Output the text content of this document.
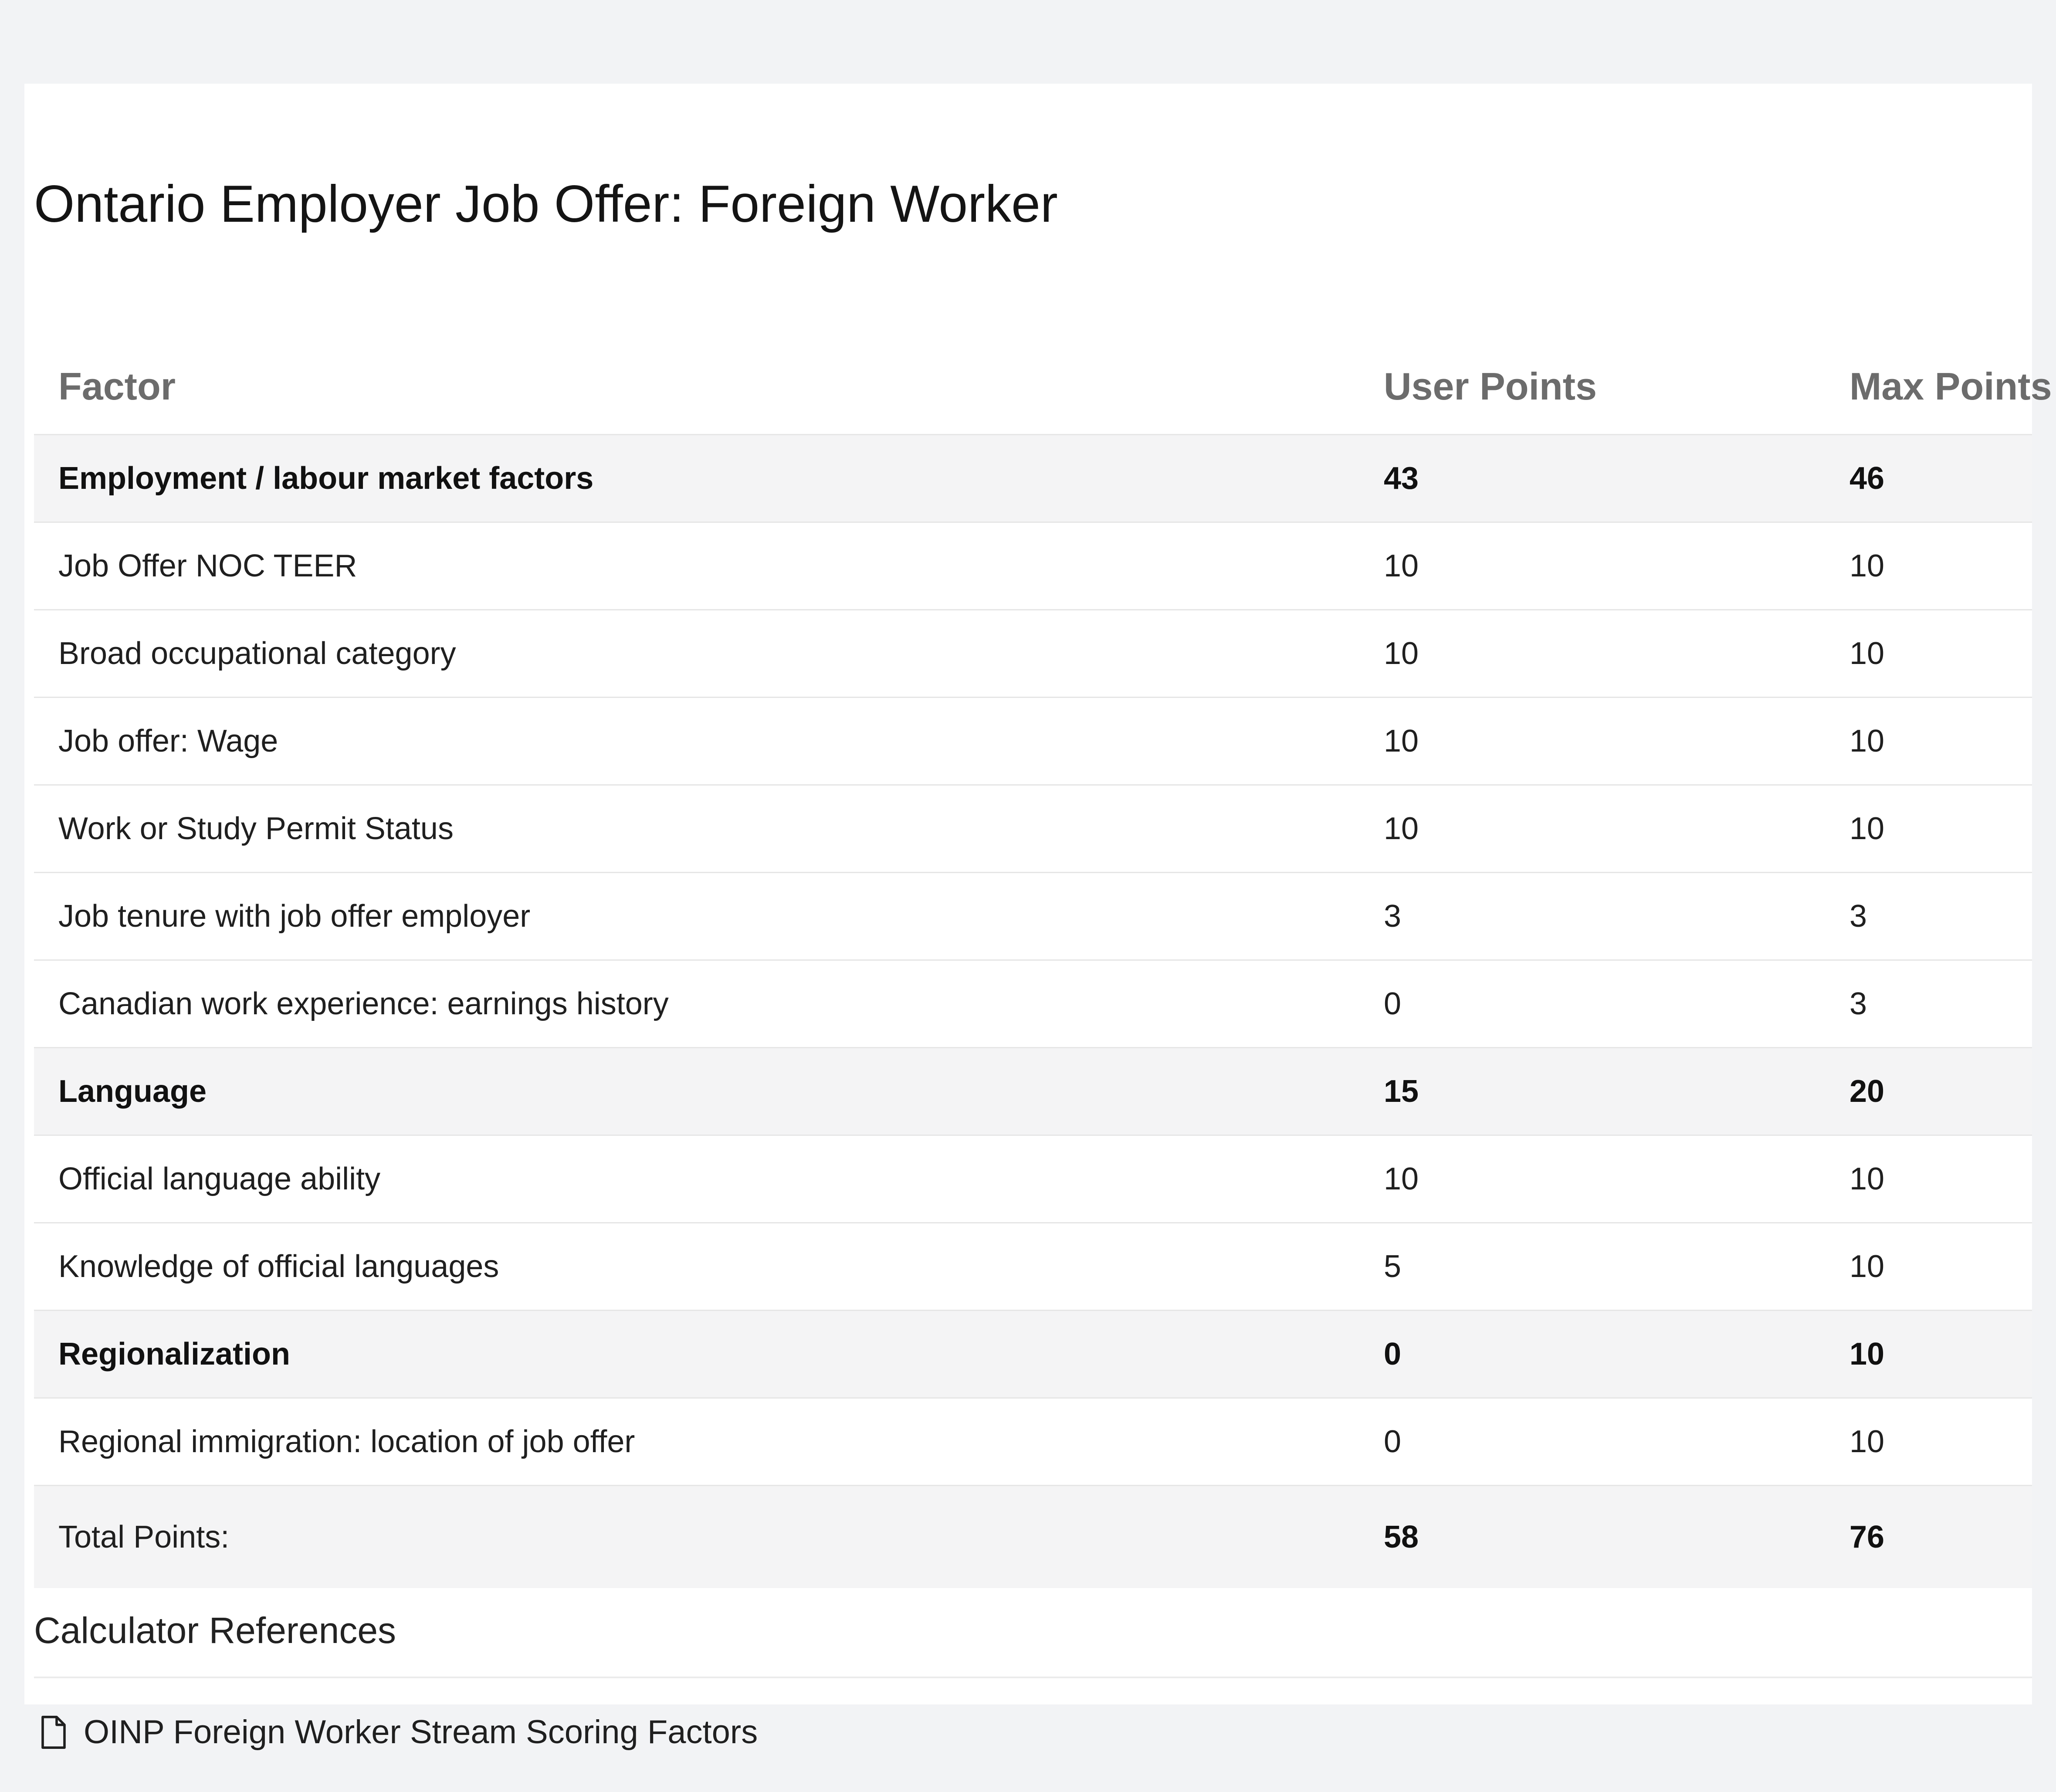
Ontario Employer Job Offer: Foreign Worker
Factor	User Points	Max Points
Employment / labour market factors	43	46
Job Offer NOC TEER	10	10
Broad occupational category	10	10
Job offer: Wage	10	10
Work or Study Permit Status	10	10
Job tenure with job offer employer	3	3
Canadian work experience: earnings history	0	3
Language	15	20
Official language ability	10	10
Knowledge of official languages	5	10
Regionalization	0	10
Regional immigration: location of job offer	0	10
Total Points:	58	76
Calculator References
OINP Foreign Worker Stream Scoring Factors
